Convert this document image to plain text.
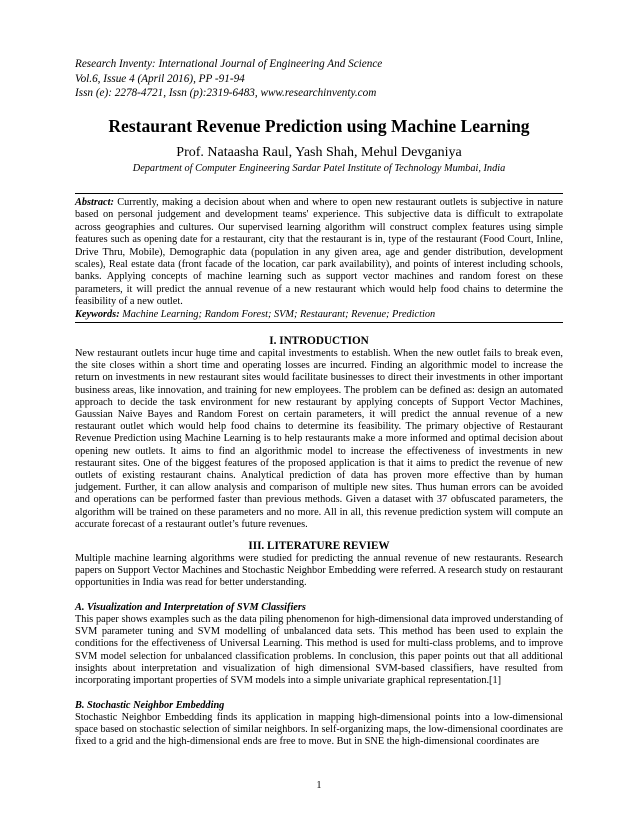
Research Inventy: International Journal of Engineering And Science
Vol.6, Issue 4 (April 2016), PP -91-94
Issn (e): 2278-4721, Issn (p):2319-6483, www.researchinventy.com
Restaurant Revenue Prediction using Machine Learning
Prof. Nataasha Raul, Yash Shah, Mehul Devganiya
Department of Computer Engineering Sardar Patel Institute of Technology Mumbai, India
Abstract: Currently, making a decision about when and where to open new restaurant outlets is subjective in nature based on personal judgement and development teams' experience. This subjective data is difficult to extrapolate across geographies and cultures. Our supervised learning algorithm will construct complex features using simple features such as opening date for a restaurant, city that the restaurant is in, type of the restaurant (Food Court, Inline, Drive Thru, Mobile), Demographic data (population in any given area, age and gender distribution, development scales), Real estate data (front facade of the location, car park availability), and points of interest including schools, banks. Applying concepts of machine learning such as support vector machines and random forest on these parameters, it will predict the annual revenue of a new restaurant which would help food chains to determine the feasibility of a new outlet.
Keywords: Machine Learning; Random Forest; SVM; Restaurant; Revenue; Prediction
I. INTRODUCTION
New restaurant outlets incur huge time and capital investments to establish. When the new outlet fails to break even, the site closes within a short time and operating losses are incurred. Finding an algorithmic model to increase the return on investments in new restaurant sites would facilitate businesses to direct their investments in other important business areas, like innovation, and training for new employees. The problem can be defined as: design an automated approach to decide the task environment for new restaurant by applying concepts of Support Vector Machines, Gaussian Naive Bayes and Random Forest on certain parameters, it will predict the annual revenue of a new restaurant outlet which would help food chains to determine its feasibility. The primary objective of Restaurant Revenue Prediction using Machine Learning is to help restaurants make a more informed and optimal decision about opening new outlets. It aims to find an algorithmic model to increase the effectiveness of investments in new restaurant sites. One of the biggest features of the proposed application is that it aims to predict the revenue of new outlets of existing restaurant chains. Analytical prediction of data has proven more effective than by human judgement. Further, it can allow analysis and comparison of multiple new sites. Thus human errors can be avoided and operations can be performed faster than previous methods. Given a dataset with 37 obfuscated parameters, the algorithm will be trained on these parameters and no more. All in all, this revenue prediction system will compute an accurate forecast of a restaurant outlet’s future revenues.
III. LITERATURE REVIEW
Multiple machine learning algorithms were studied for predicting the annual revenue of new restaurants. Research papers on Support Vector Machines and Stochastic Neighbor Embedding were referred. A research study on restaurant opportunities in India was read for better understanding.
A. Visualization and Interpretation of SVM Classifiers
This paper shows examples such as the data piling phenomenon for high-dimensional data improved understanding of SVM parameter tuning and SVM modelling of unbalanced data sets. This method has been used to explain the conditions for the effectiveness of Universal Learning. This method is used for multi-class problems, and to improve SVM model selection for unbalanced classification problems. In conclusion, this paper points out that all additional insights about interpretation and visualization of high dimensional SVM-based classifiers, have resulted from incorporating important properties of SVM models into a simple univariate graphical representation.[1]
B. Stochastic Neighbor Embedding
Stochastic Neighbor Embedding finds its application in mapping high-dimensional points into a low-dimensional space based on stochastic selection of similar neighbors. In self-organizing maps, the low-dimensional coordinates are fixed to a grid and the high-dimensional ends are free to move. But in SNE the high-dimensional coordinates are
1
